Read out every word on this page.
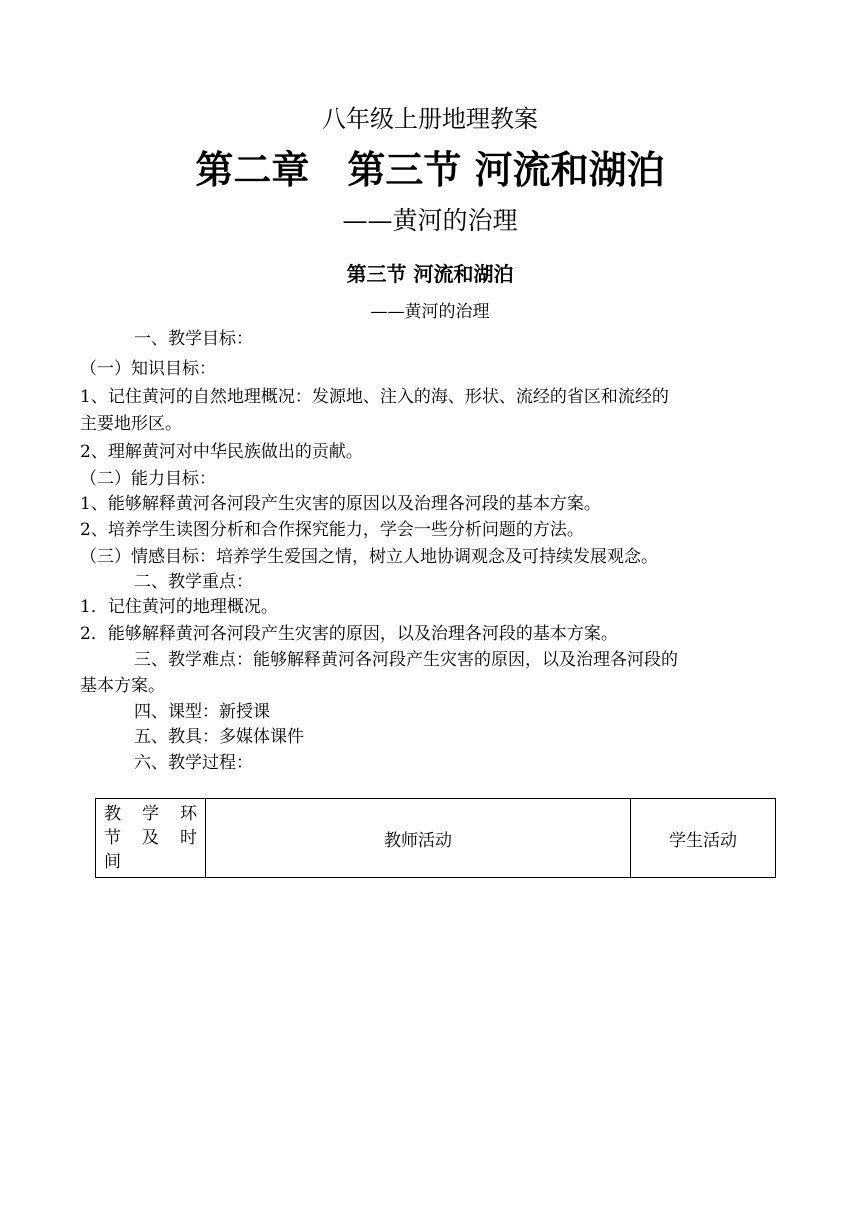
八年级上册地理教案
第二章　第三节 河流和湖泊
——黄河的治理
第三节 河流和湖泊
——黄河的治理
一、教学目标：
（一）知识目标：
1、记住黄河的自然地理概况：发源地、注入的海、形状、流经的省区和流经的
主要地形区。
2、理解黄河对中华民族做出的贡献。
（二）能力目标：
1、能够解释黄河各河段产生灾害的原因以及治理各河段的基本方案。
2、培养学生读图分析和合作探究能力，学会一些分析问题的方法。
（三）情感目标：培养学生爱国之情，树立人地协调观念及可持续发展观念。
二、教学重点：
1．记住黄河的地理概况。
2．能够解释黄河各河段产生灾害的原因，以及治理各河段的基本方案。
三、教学难点：能够解释黄河各河段产生灾害的原因，以及治理各河段的
基本方案。
四、课型：新授课
五、教具：多媒体课件
六、教学过程：
教 学 环
节 及 时
间
	教师活动	学生活动
